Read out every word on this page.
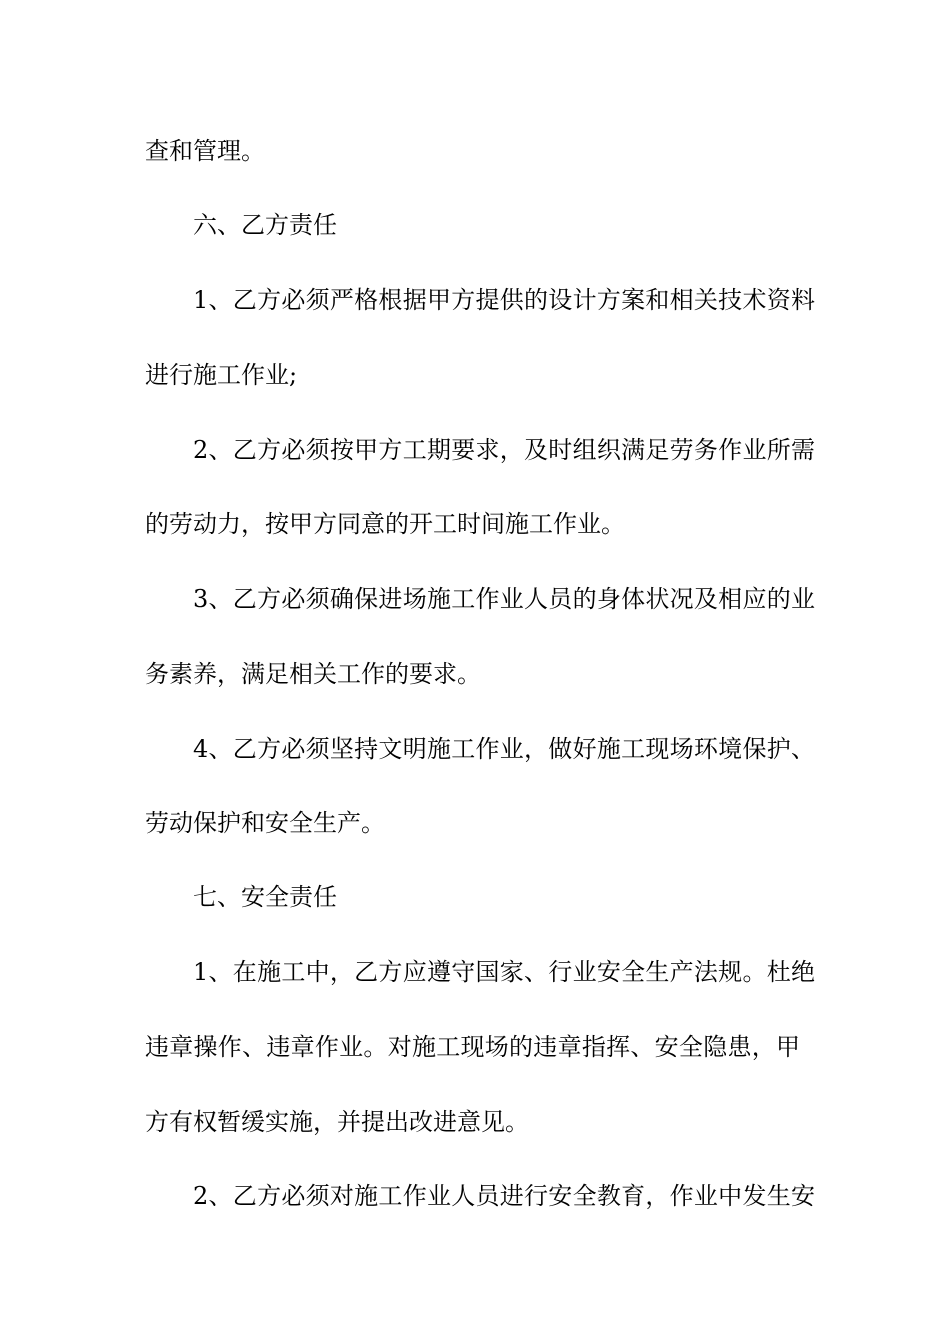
查和管理。
六、乙方责任
1、乙方必须严格根据甲方提供的设计方案和相关技术资料
进行施工作业;
2、乙方必须按甲方工期要求，及时组织满足劳务作业所需
的劳动力，按甲方同意的开工时间施工作业。
3、乙方必须确保进场施工作业人员的身体状况及相应的业
务素养，满足相关工作的要求。
4、乙方必须坚持文明施工作业，做好施工现场环境保护、
劳动保护和安全生产。
七、安全责任
1、在施工中，乙方应遵守国家、行业安全生产法规。杜绝
违章操作、违章作业。对施工现场的违章指挥、安全隐患，甲
方有权暂缓实施，并提出改进意见。
2、乙方必须对施工作业人员进行安全教育，作业中发生安
